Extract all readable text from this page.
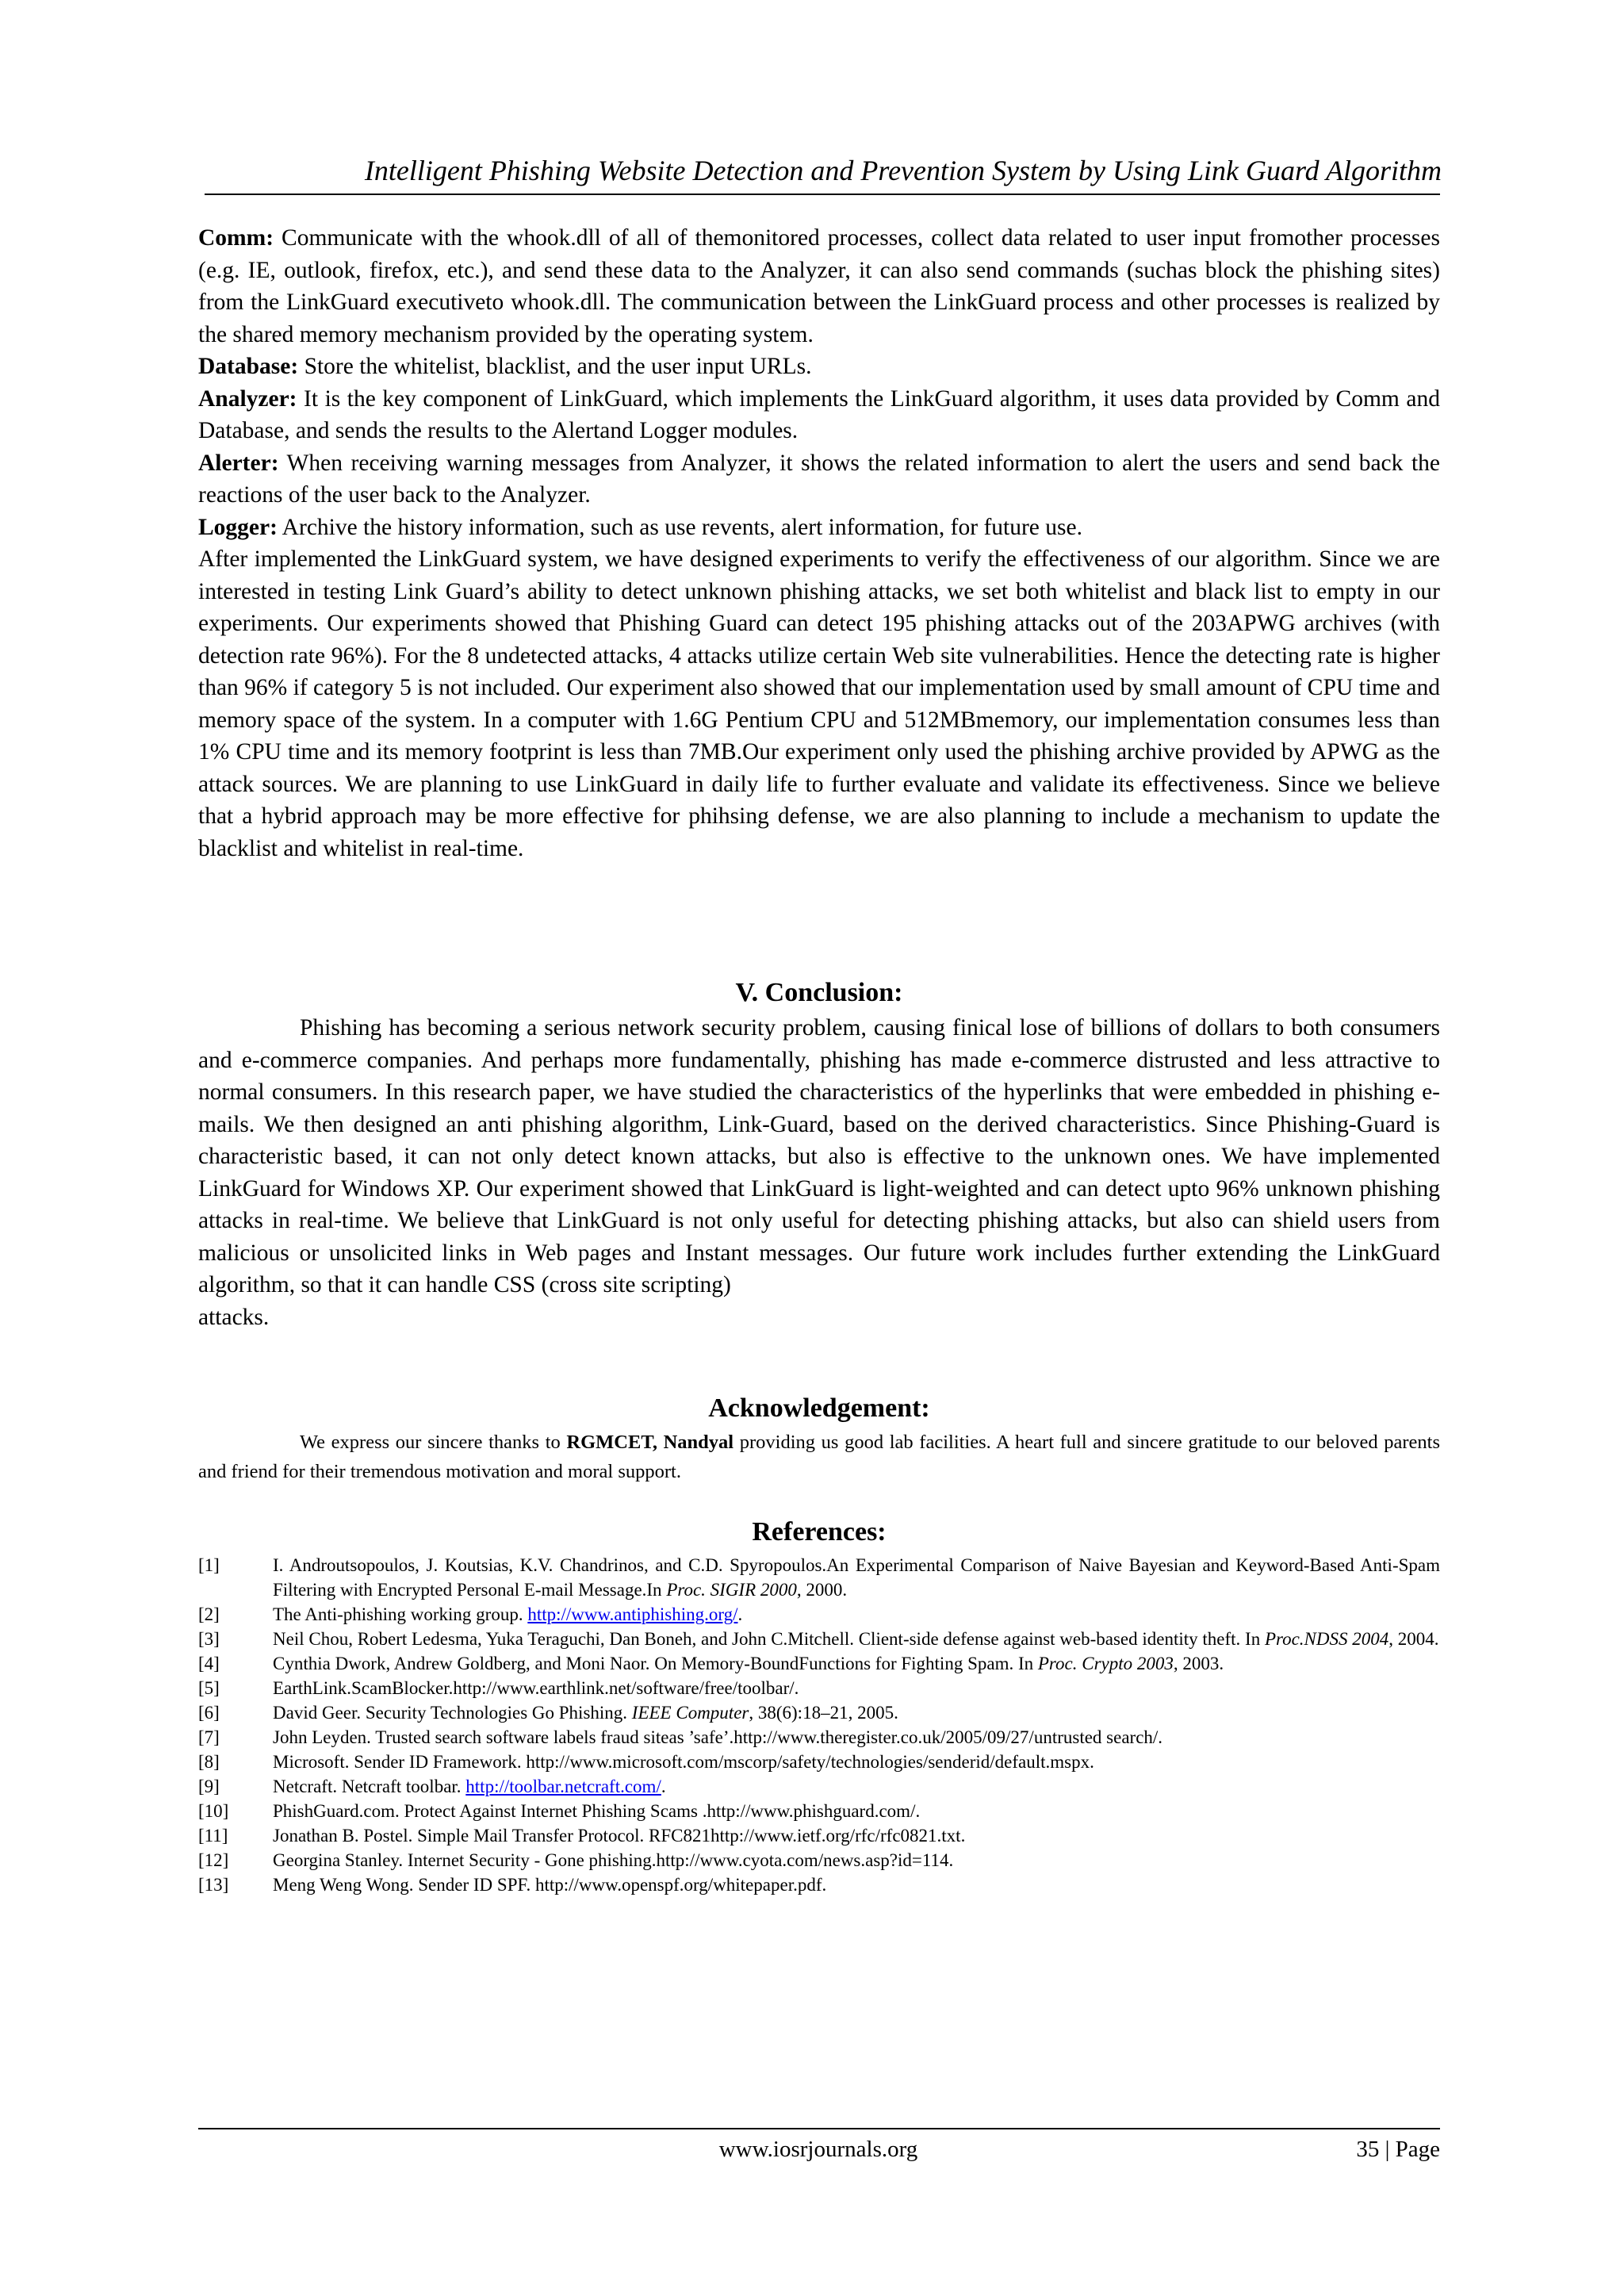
Intelligent Phishing Website Detection and Prevention System by Using Link Guard Algorithm

Comm: Communicate with the whook.dll of all of themonitored processes, collect data related to user input fromother processes (e.g. IE, outlook, firefox, etc.), and send these data to the Analyzer, it can also send commands (suchas block the phishing sites) from the LinkGuard executiveto whook.dll. The communication between the LinkGuard process and other processes is realized by the shared memory mechanism provided by the operating system.

Database: Store the whitelist, blacklist, and the user input URLs.

Analyzer: It is the key component of LinkGuard, which implements the LinkGuard algorithm, it uses data provided by Comm and Database, and sends the results to the Alertand Logger modules.

Alerter: When receiving warning messages from Analyzer, it shows the related information to alert the users and send back the reactions of the user back to the Analyzer.

Logger: Archive the history information, such as use revents, alert information, for future use.

After implemented the LinkGuard system, we have designed experiments to verify the effectiveness of our algorithm. Since we are interested in testing Link Guard’s ability to detect unknown phishing attacks, we set both whitelist and black list to empty in our experiments. Our experiments showed that Phishing Guard can detect 195 phishing attacks out of the 203APWG archives (with detection rate 96%). For the 8 undetected attacks, 4 attacks utilize certain Web site vulnerabilities. Hence the detecting rate is higher than 96% if category 5 is not included. Our experiment also showed that our implementation used by small amount of CPU time and memory space of the system. In a computer with 1.6G Pentium CPU and 512MBmemory, our implementation consumes less than 1% CPU time and its memory footprint is less than 7MB.Our experiment only used the phishing archive provided by APWG as the attack sources. We are planning to use LinkGuard in daily life to further evaluate and validate its effectiveness. Since we believe that a hybrid approach may be more effective for phihsing defense, we are also planning to include a mechanism to update the blacklist and whitelist in real-time.

V. Conclusion:

Phishing has becoming a serious network security problem, causing finical lose of billions of dollars to both consumers and e-commerce companies. And perhaps more fundamentally, phishing has made e-commerce distrusted and less attractive to normal consumers. In this research paper, we have studied the characteristics of the hyperlinks that were embedded in phishing e-mails. We then designed an anti phishing algorithm, Link-Guard, based on the derived characteristics. Since Phishing-Guard is characteristic based, it can not only detect known attacks, but also is effective to the unknown ones. We have implemented LinkGuard for Windows XP. Our experiment showed that LinkGuard is light-weighted and can detect upto 96% unknown phishing attacks in real-time. We believe that LinkGuard is not only useful for detecting phishing attacks, but also can shield users from malicious or unsolicited links in Web pages and Instant messages. Our future work includes further extending the LinkGuard algorithm, so that it can handle CSS (cross site scripting)

attacks.

Acknowledgement:

We express our sincere thanks to RGMCET, Nandyal providing us good lab facilities. A heart full and sincere gratitude to our beloved parents and friend for their tremendous motivation and moral support.

References:
[1]	I. Androutsopoulos, J. Koutsias, K.V. Chandrinos, and C.D. Spyropoulos.An Experimental Comparison of Naive Bayesian and Keyword-Based Anti-Spam Filtering with Encrypted Personal E-mail Message.In Proc. SIGIR 2000, 2000.
[2]	The Anti-phishing working group. http://www.antiphishing.org/.
[3]	Neil Chou, Robert Ledesma, Yuka Teraguchi, Dan Boneh, and John C.Mitchell. Client-side defense against web-based identity theft. In Proc.NDSS 2004, 2004.
[4]	Cynthia Dwork, Andrew Goldberg, and Moni Naor. On Memory-BoundFunctions for Fighting Spam. In Proc. Crypto 2003, 2003.
[5]	EarthLink.ScamBlocker.http://www.earthlink.net/software/free/toolbar/.
[6]	David Geer. Security Technologies Go Phishing. IEEE Computer, 38(6):18–21, 2005.
[7]	John Leyden. Trusted search software labels fraud siteas ’safe’.http://www.theregister.co.uk/2005/09/27/untrusted search/.
[8]	Microsoft. Sender ID Framework. http://www.microsoft.com/mscorp/safety/technologies/senderid/default.mspx.
[9]	Netcraft. Netcraft toolbar. http://toolbar.netcraft.com/.
[10]	PhishGuard.com. Protect Against Internet Phishing Scams .http://www.phishguard.com/.
[11]	Jonathan B. Postel. Simple Mail Transfer Protocol. RFC821http://www.ietf.org/rfc/rfc0821.txt.
[12]	Georgina Stanley. Internet Security - Gone phishing.http://www.cyota.com/news.asp?id=114.
[13]	Meng Weng Wong. Sender ID SPF. http://www.openspf.org/whitepaper.pdf.
www.iosrjournals.org	35 | Page
